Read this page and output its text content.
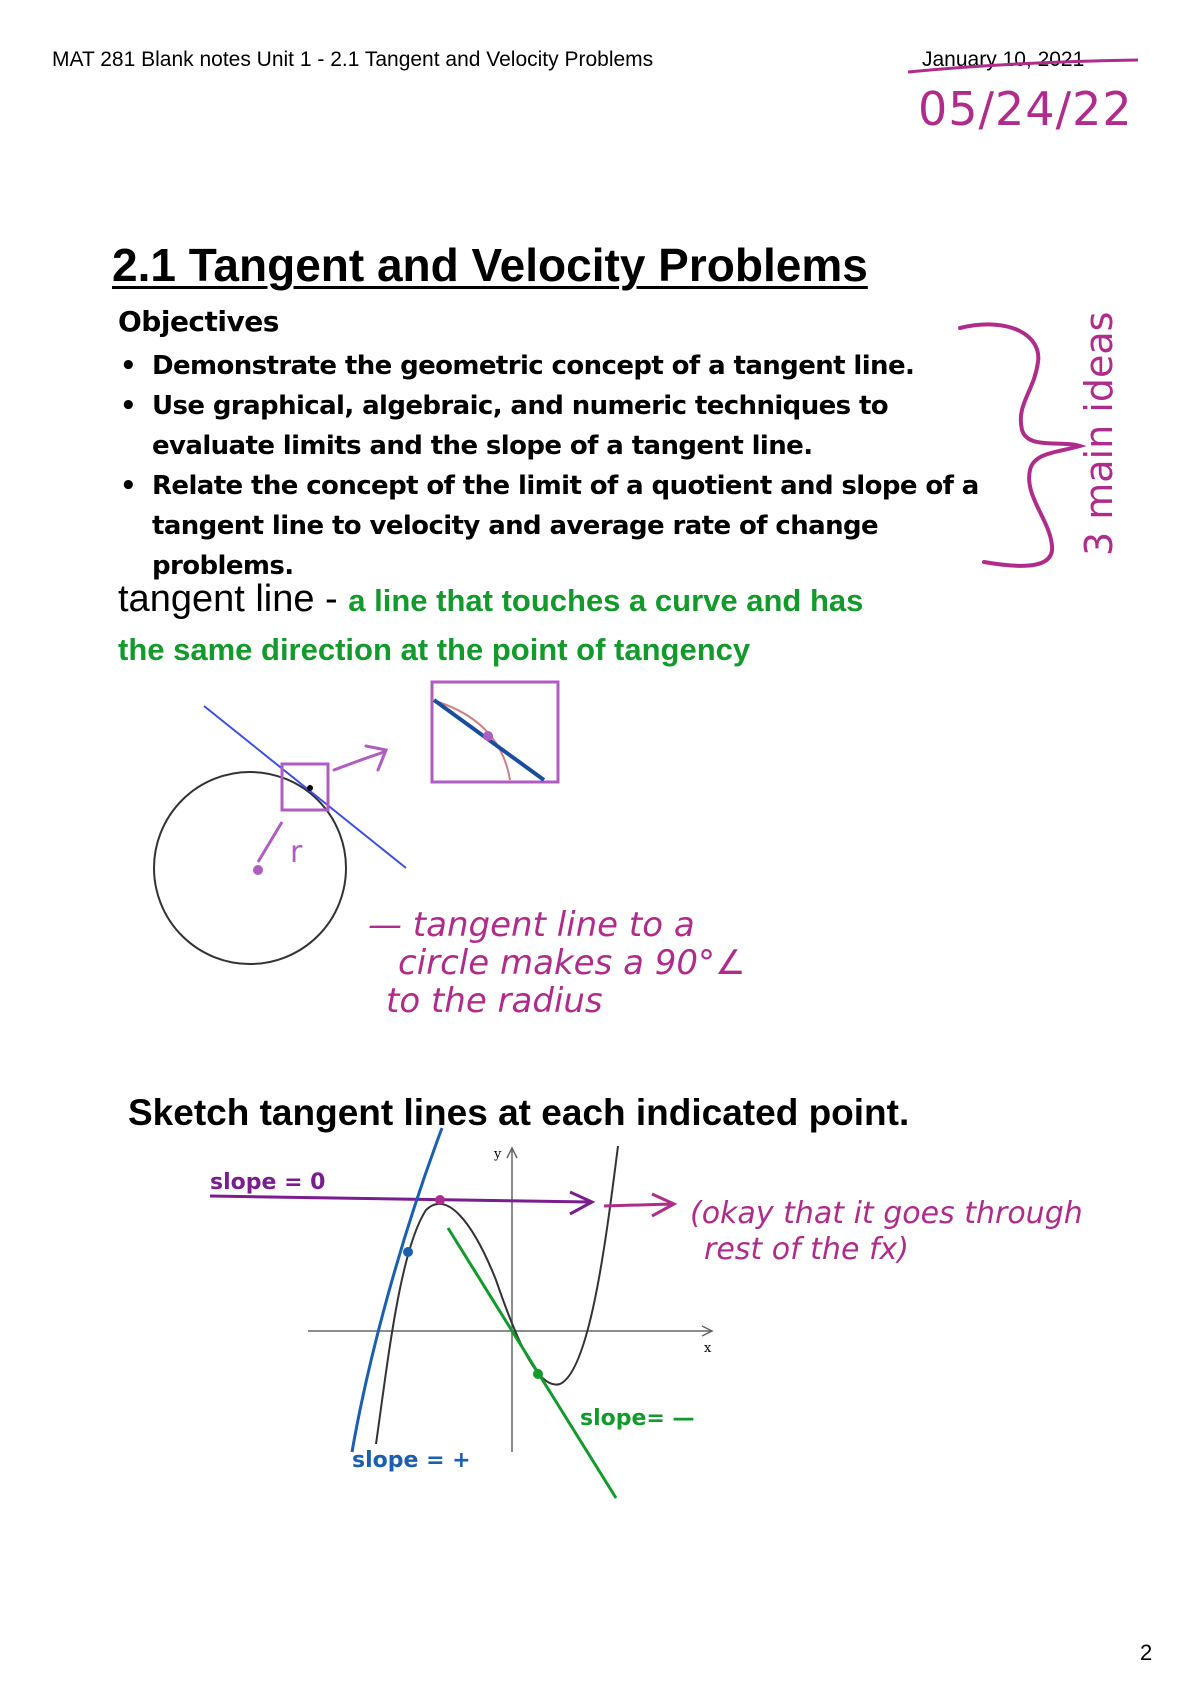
MAT 281 Blank notes Unit 1 - 2.1 Tangent and Velocity Problems	January 10, 2021
05/24/22
2.1 Tangent and Velocity Problems
Objectives
• Demonstrate the geometric concept of a tangent line.
• Use graphical, algebraic, and numeric techniques to evaluate limits and the slope of a tangent line.
• Relate the concept of the limit of a quotient and slope of a tangent line to velocity and average rate of change problems.
tangent line - a line that touches a curve and has
the same direction at the point of tangency
— tangent line to a
circle makes a 90°∠
to the radius
Sketch tangent lines at each indicated point.
slope = 0
(okay that it goes through
rest of the fx)
slope= —
slope = +
2
3 main ideas
r
x
y
